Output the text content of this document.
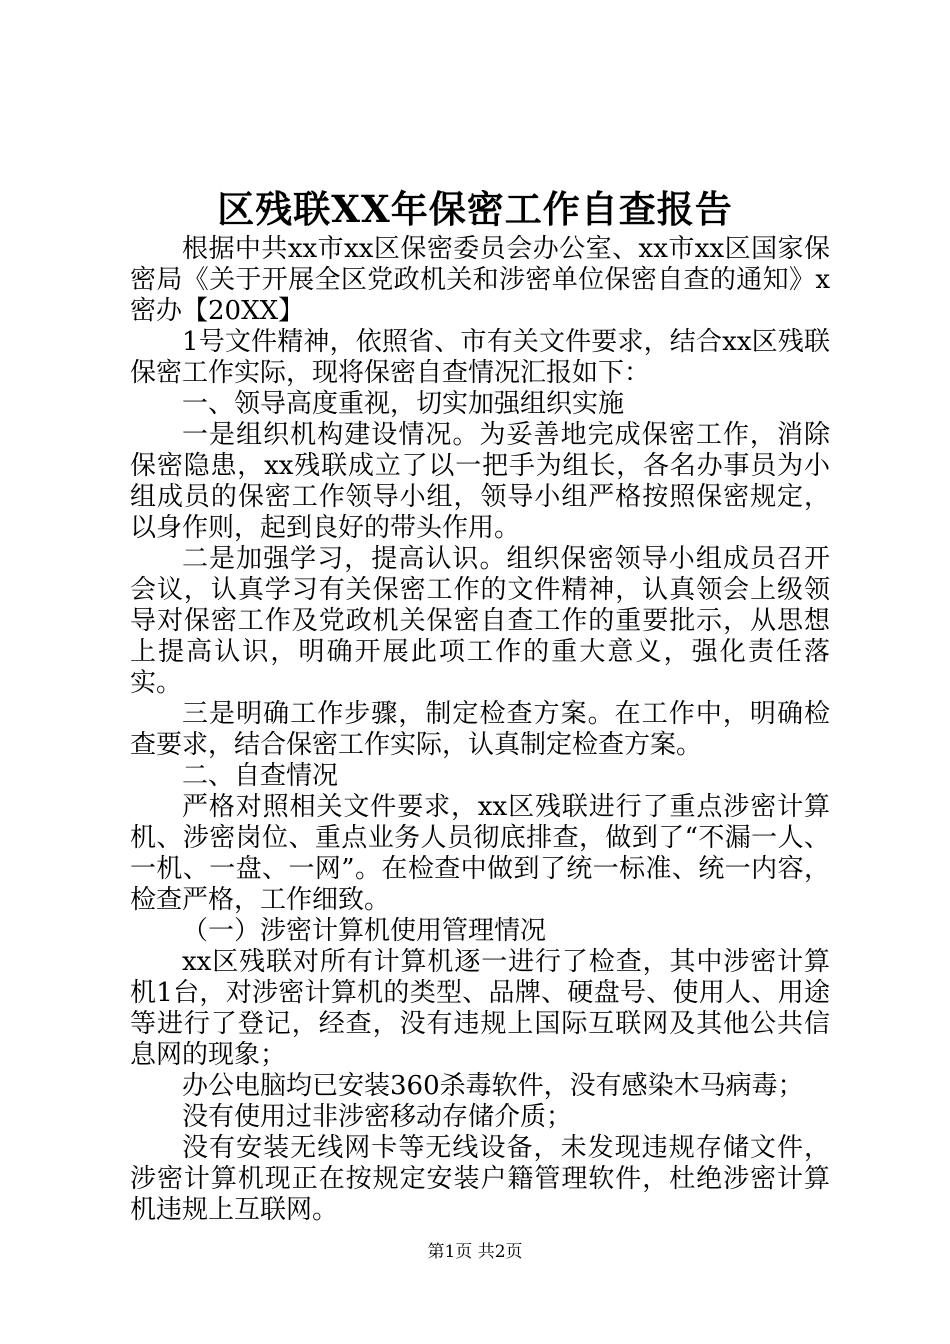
区残联XX年保密工作自查报告

根据中共xx市xx区保密委员会办公室、xx市xx区国家保密局《关于开展全区党政机关和涉密单位保密自查的通知》x密办【20XX】

1号文件精神，依照省、市有关文件要求，结合xx区残联保密工作实际，现将保密自查情况汇报如下：

一、领导高度重视，切实加强组织实施

一是组织机构建设情况。为妥善地完成保密工作，消除保密隐患，xx残联成立了以一把手为组长，各名办事员为小组成员的保密工作领导小组，领导小组严格按照保密规定，以身作则，起到良好的带头作用。

二是加强学习，提高认识。组织保密领导小组成员召开会议，认真学习有关保密工作的文件精神，认真领会上级领导对保密工作及党政机关保密自查工作的重要批示，从思想上提高认识，明确开展此项工作的重大意义，强化责任落实。

三是明确工作步骤，制定检查方案。在工作中，明确检查要求，结合保密工作实际，认真制定检查方案。

二、自查情况

严格对照相关文件要求，xx区残联进行了重点涉密计算机、涉密岗位、重点业务人员彻底排查，做到了“不漏一人、一机、一盘、一网”。在检查中做到了统一标准、统一内容，检查严格，工作细致。

（一）涉密计算机使用管理情况

xx区残联对所有计算机逐一进行了检查，其中涉密计算机1台，对涉密计算机的类型、品牌、硬盘号、使用人、用途等进行了登记，经查，没有违规上国际互联网及其他公共信息网的现象；

办公电脑均已安装360杀毒软件，没有感染木马病毒；

没有使用过非涉密移动存储介质；

没有安装无线网卡等无线设备，未发现违规存储文件，涉密计算机现正在按规定安装户籍管理软件，杜绝涉密计算机违规上互联网。

第1页 共2页
